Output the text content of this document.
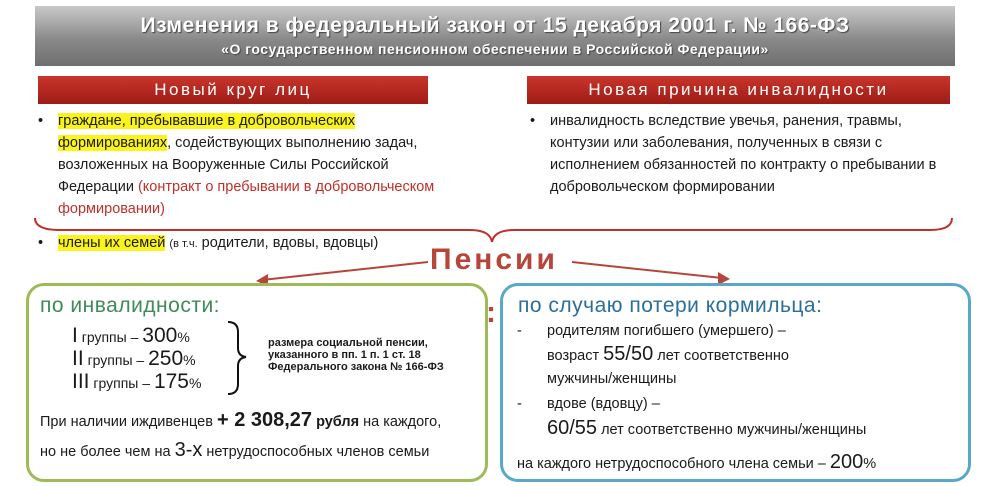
Изменения в федеральный закон от 15 декабря 2001 г. № 166-ФЗ
«О государственном пенсионном обеспечении в Российской Федерации»
Новый круг лиц	Новая причина инвалидности
•	граждане, пребывавшие в добровольческих формированиях, содействующих выполнению задач, возложенных на Вооруженные Силы Российской Федерации (контракт о пребывании в добровольческом формировании)
•	члены их семей (в т.ч. родители, вдовы, вдовцы)
•	инвалидность вследствие увечья, ранения, травмы, контузии или заболевания, полученных в связи с исполнением обязанностей по контракту о пребывании в добровольческом формировании
Пенсии
:
по инвалидности:
I группы – 300%
II группы – 250%
III группы – 175%
размера социальной пенсии, указанного в пп. 1 п. 1 ст. 18 Федерального закона № 166-ФЗ
При наличии иждивенцев + 2 308,27 рубля на каждого,
но не более чем на 3-х нетрудоспособных членов семьи
по случаю потери кормильца:
- родителям погибшего (умершего) –
возраст 55/50 лет соответственно
мужчины/женщины
- вдове (вдовцу) –
60/55 лет соответственно мужчины/женщины
на каждого нетрудоспособного члена семьи – 200%
